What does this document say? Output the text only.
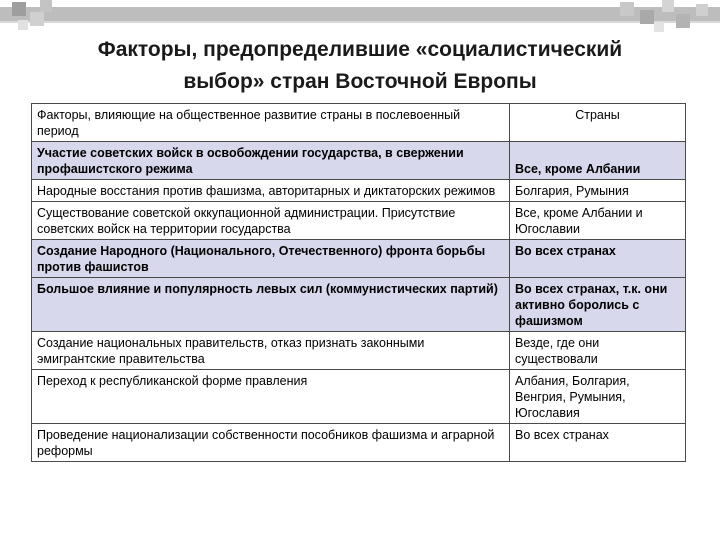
Факторы, предопределившие «социалистический
выбор» стран Восточной Европы
Факторы, влияющие на общественное развитие страны в послевоенный период	Страны
Участие советских войск в освобождении государства, в свержении профашистского режима	Все, кроме Албании
Народные восстания против фашизма, авторитарных и диктаторских режимов	Болгария, Румыния
Существование советской оккупационной администрации. Присутствие советских войск на территории государства	Все, кроме Албании и Югославии
Создание Народного (Национального, Отечественного) фронта борьбы против фашистов	Во всех странах
Большое влияние и популярность левых сил (коммунистических партий)	Во всех странах, т.к. они активно боролись с фашизмом
Создание национальных правительств, отказ признать законными эмигрантские правительства	Везде, где они существовали
Переход к республиканской форме правления	Албания, Болгария, Венгрия, Румыния, Югославия
Проведение национализации собственности пособников фашизма и аграрной реформы	Во всех странах
